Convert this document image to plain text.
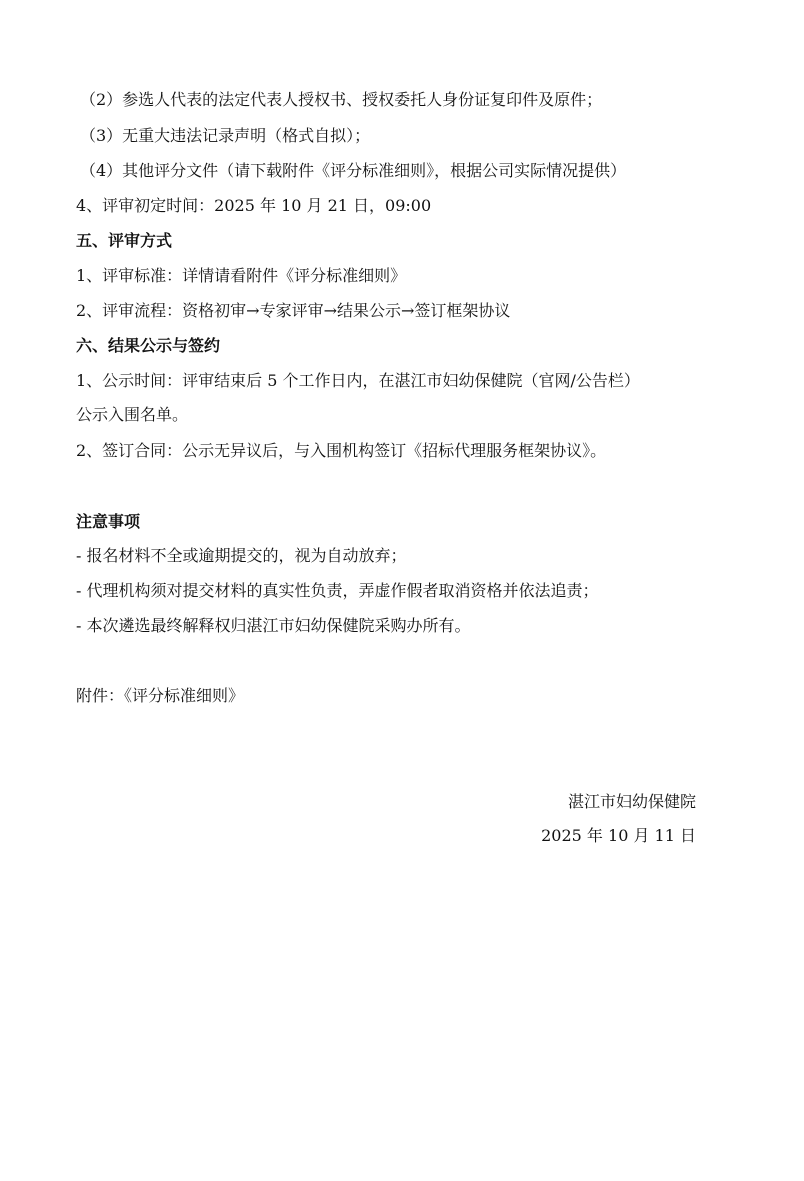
（2）参选人代表的法定代表人授权书、授权委托人身份证复印件及原件；
（3）无重大违法记录声明（格式自拟）；
（4）其他评分文件（请下载附件《评分标准细则》，根据公司实际情况提供）
4、评审初定时间：2025 年 10 月 21 日，09:00
五、评审方式
1、评审标准：详情请看附件《评分标准细则》
2、评审流程：资格初审→专家评审→结果公示→签订框架协议
六、结果公示与签约
1、公示时间：评审结束后 5 个工作日内，在湛江市妇幼保健院（官网/公告栏）
公示入围名单。
2、签订合同：公示无异议后，与入围机构签订《招标代理服务框架协议》。
注意事项
- 报名材料不全或逾期提交的，视为自动放弃；
- 代理机构须对提交材料的真实性负责，弄虚作假者取消资格并依法追责；
- 本次遴选最终解释权归湛江市妇幼保健院采购办所有。
附件：《评分标准细则》
湛江市妇幼保健院
2025 年 10 月 11 日
